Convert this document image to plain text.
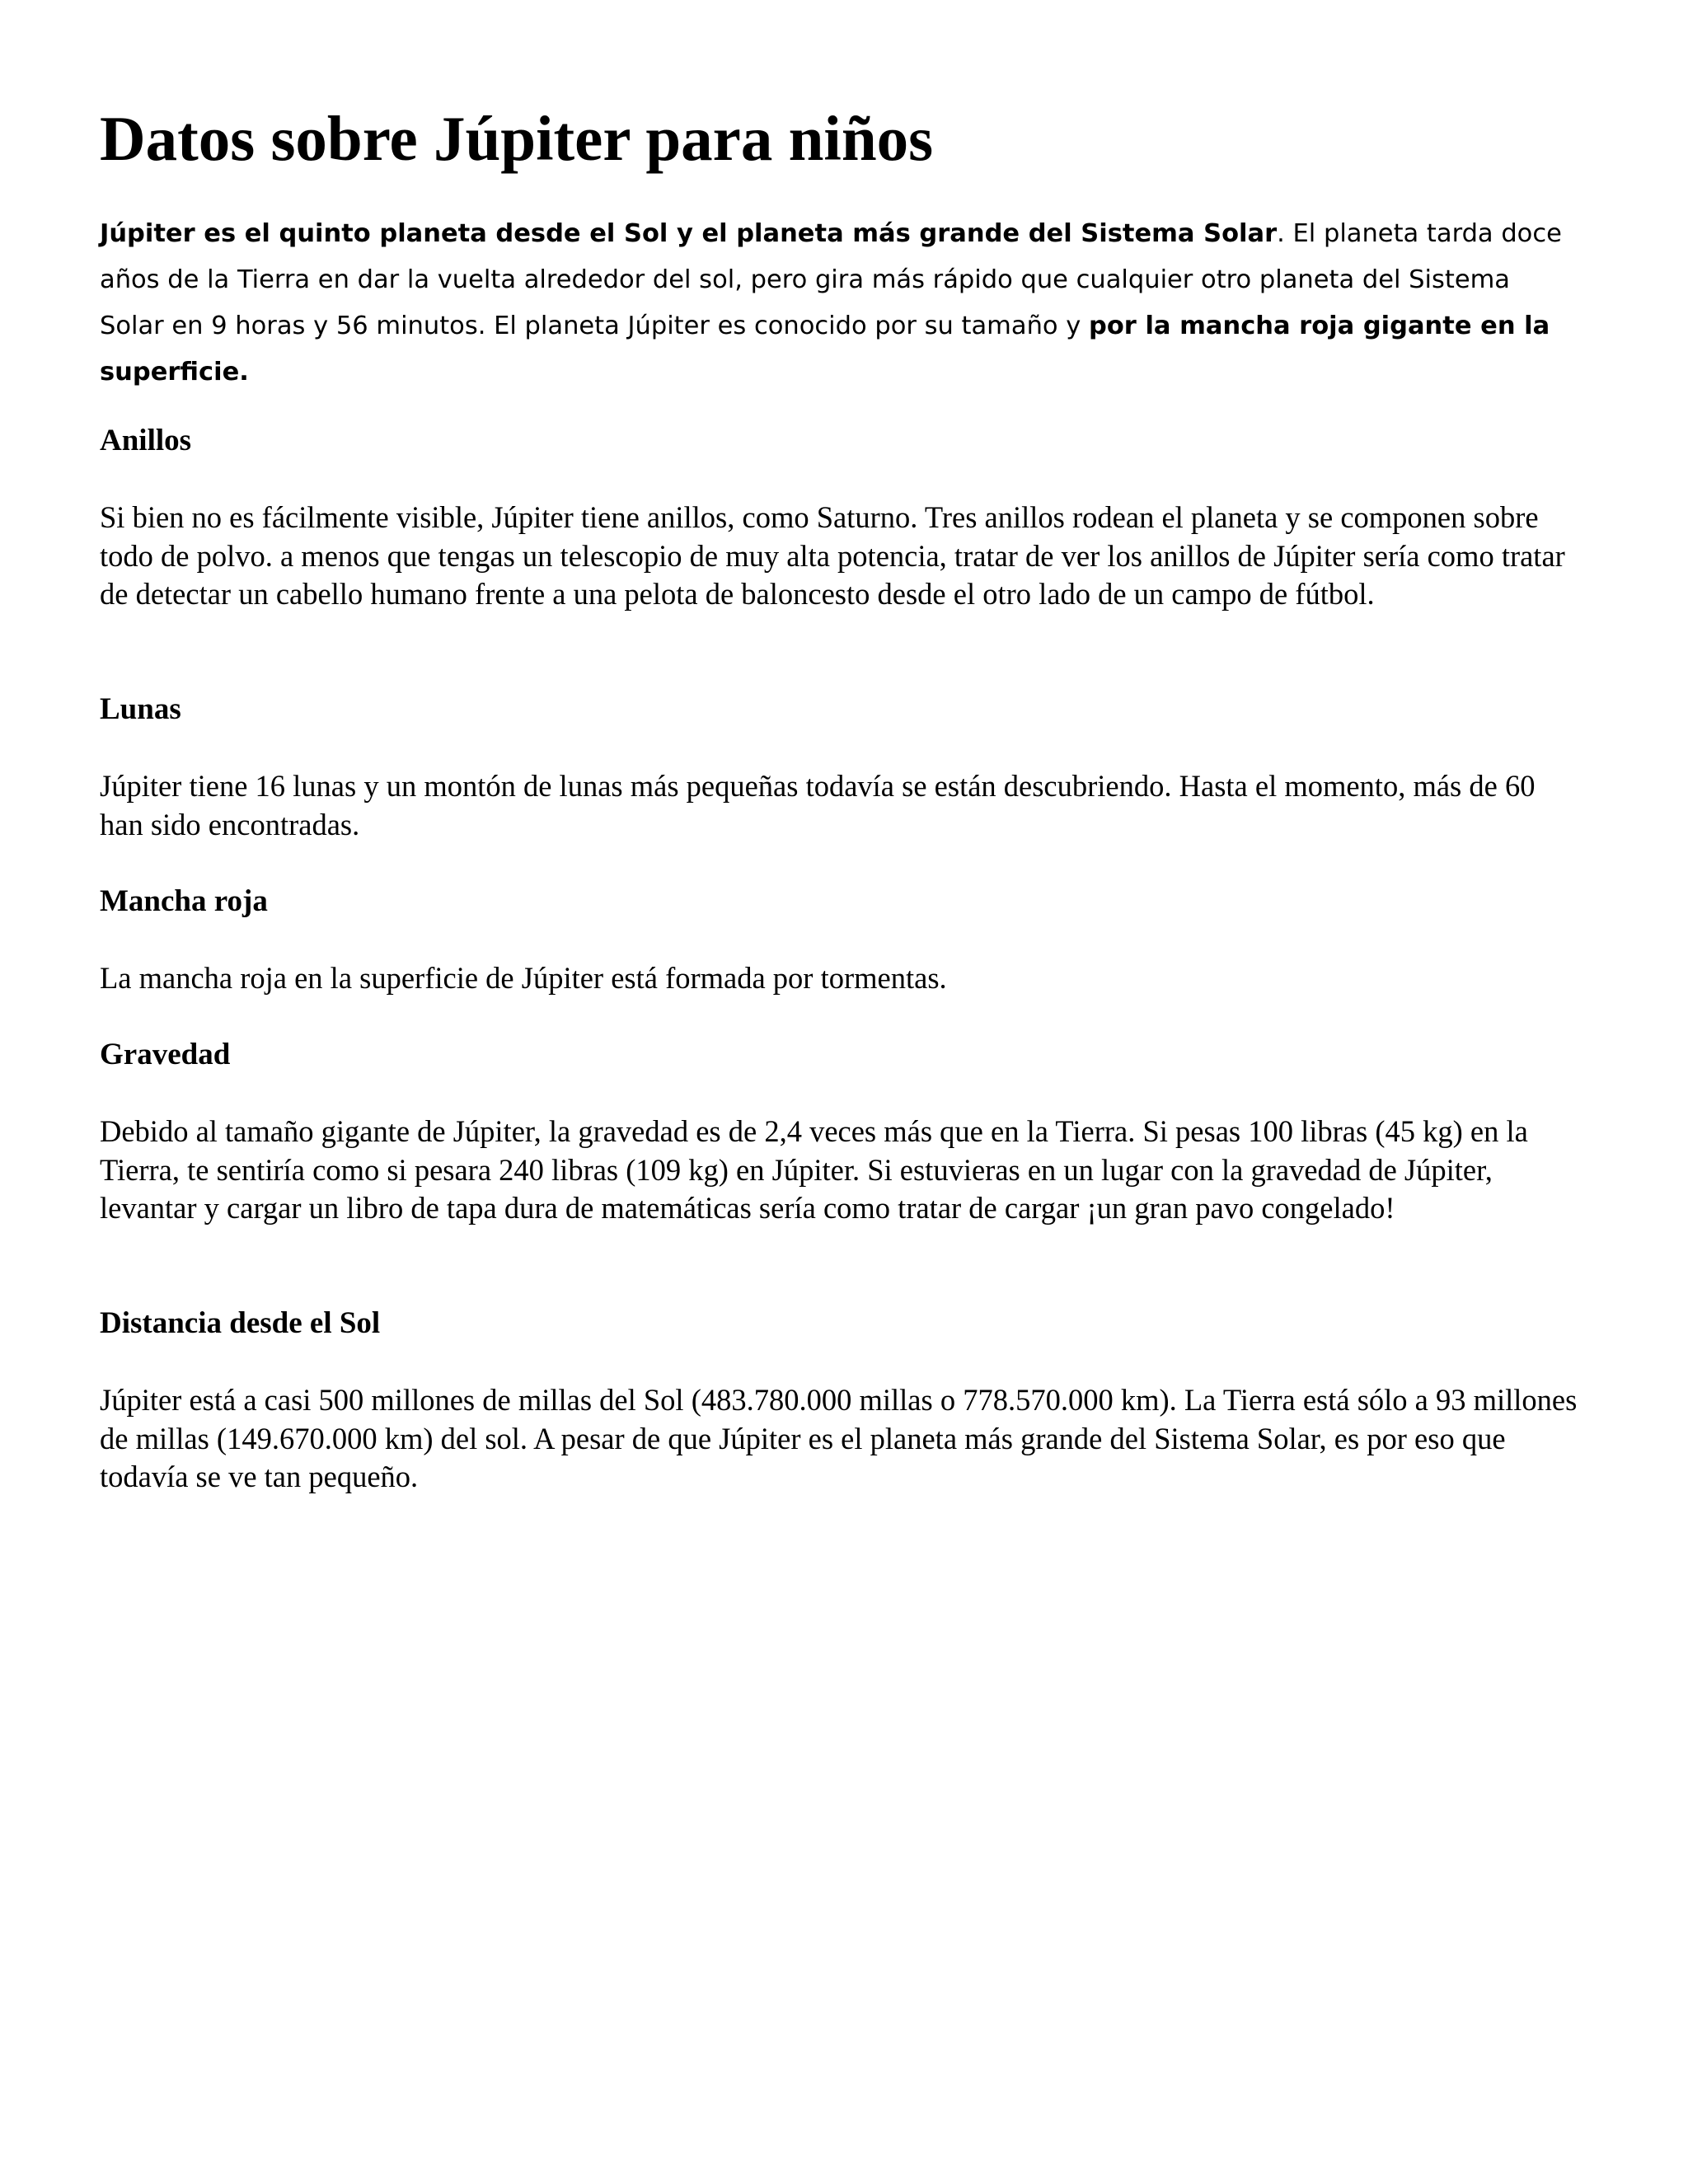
Datos sobre Júpiter para niños

Júpiter es el quinto planeta desde el Sol y el planeta más grande del Sistema Solar. El planeta tarda doce años de la Tierra en dar la vuelta alrededor del sol, pero gira más rápido que cualquier otro planeta del Sistema Solar en 9 horas y 56 minutos. El planeta Júpiter es conocido por su tamaño y por la mancha roja gigante en la superficie.

Anillos

Si bien no es fácilmente visible, Júpiter tiene anillos, como Saturno. Tres anillos rodean el planeta y se componen sobre todo de polvo. a menos que tengas un telescopio de muy alta potencia, tratar de ver los anillos de Júpiter sería como tratar de detectar un cabello humano frente a una pelota de baloncesto desde el otro lado de un campo de fútbol.

Lunas

Júpiter tiene 16 lunas y un montón de lunas más pequeñas todavía se están descubriendo. Hasta el momento, más de 60 han sido encontradas.

Mancha roja

La mancha roja en la superficie de Júpiter está formada por tormentas.

Gravedad

Debido al tamaño gigante de Júpiter, la gravedad es de 2,4 veces más que en la Tierra. Si pesas 100 libras (45 kg) en la Tierra, te sentiría como si pesara 240 libras (109 kg) en Júpiter. Si estuvieras en un lugar con la gravedad de Júpiter, levantar y cargar un libro de tapa dura de matemáticas sería como tratar de cargar ¡un gran pavo congelado!

Distancia desde el Sol

Júpiter está a casi 500 millones de millas del Sol (483.780.000 millas o 778.570.000 km). La Tierra está sólo a 93 millones de millas (149.670.000 km) del sol. A pesar de que Júpiter es el planeta más grande del Sistema Solar, es por eso que todavía se ve tan pequeño.
